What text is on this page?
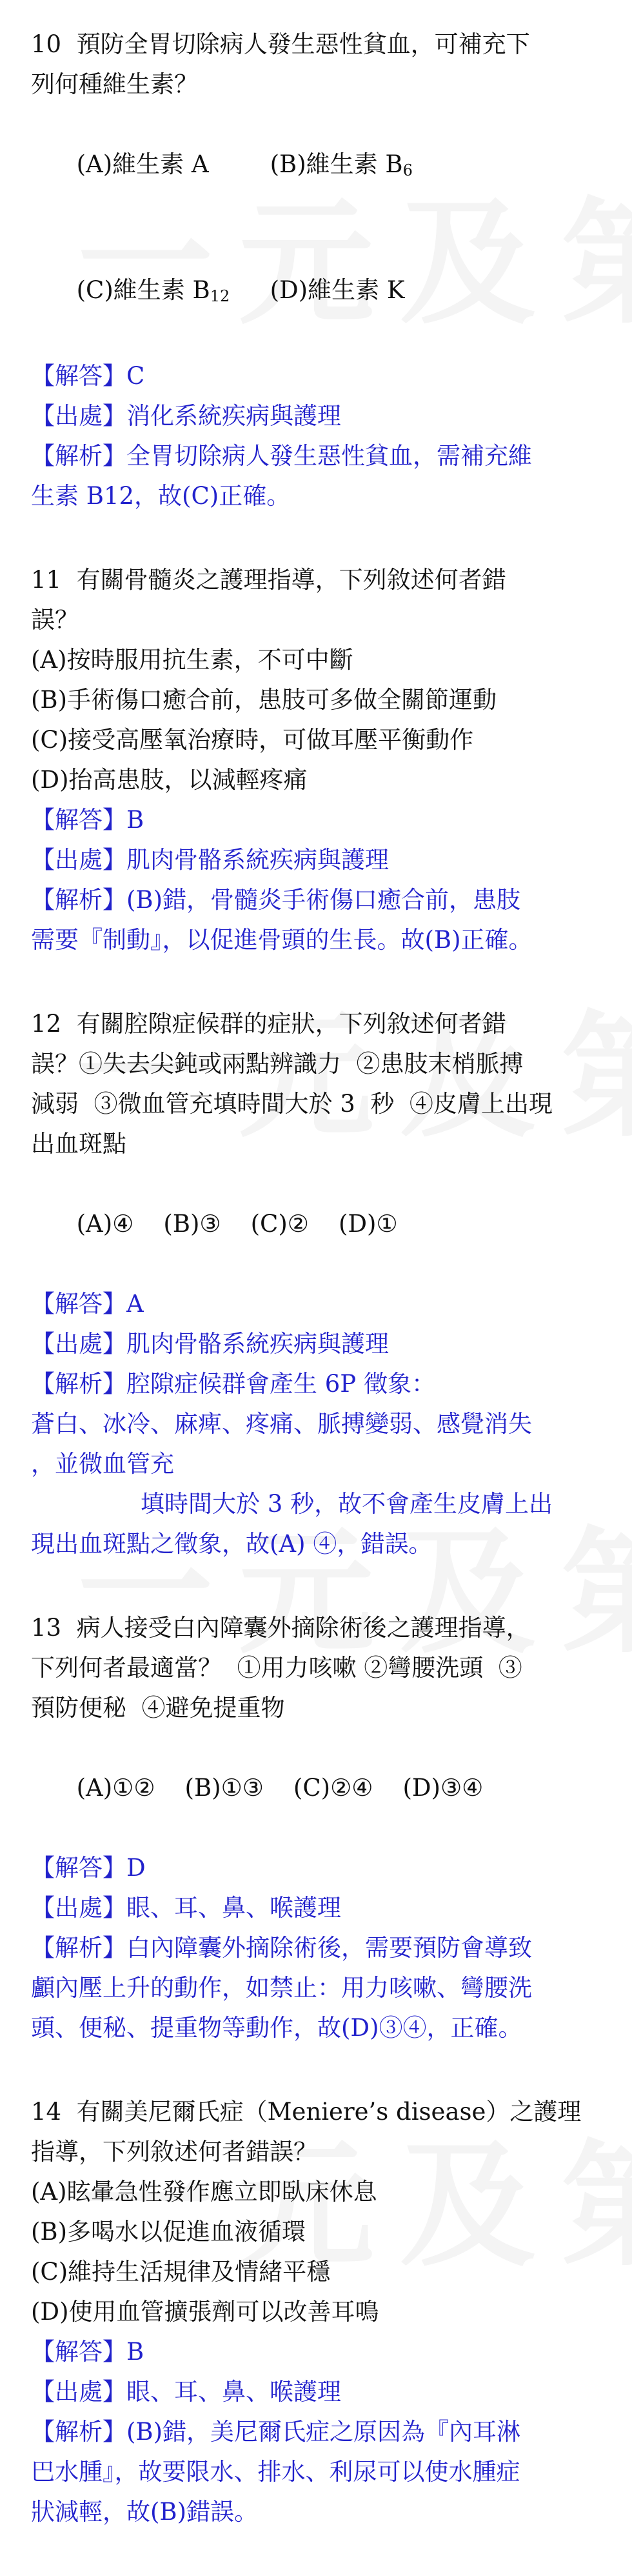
10  預防全胃切除病人發生惡性貧血，可補充下

列何種維生素？

(A)維生素 A	(B)維生素 $B_6$

(C)維生素 $B_{12}$ (D)維生素 K

【解答】C

【出處】消化系統疾病與護理

【解析】全胃切除病人發生惡性貧血，需補充維

生素 B12，故(C)正確。

11  有關骨髓炎之護理指導，下列敘述何者錯

誤？

(A)按時服用抗生素，不可中斷

(B)手術傷口癒合前，患肢可多做全關節運動

(C)接受高壓氧治療時，可做耳壓平衡動作

(D)抬高患肢，以減輕疼痛

【解答】B

【出處】肌肉骨骼系統疾病與護理

【解析】(B)錯，骨髓炎手術傷口癒合前，患肢

需要『制動』，以促進骨頭的生長。故(B)正確。

12  有關腔隙症候群的症狀，下列敘述何者錯

誤？①失去尖鈍或兩點辨識力  ②患肢末梢脈搏

減弱  ③微血管充填時間大於 3  秒  ④皮膚上出現

出血斑點

(A)④ (B)③ (C)② (D)①

【解答】A

【出處】肌肉骨骼系統疾病與護理

【解析】腔隙症候群會產生 6P 徵象：

蒼白、冰冷、麻痺、疼痛、脈搏變弱、感覺消失

，並微血管充

填時間大於 3 秒，故不會產生皮膚上出

現出血斑點之徵象，故(A) ④，錯誤。

13  病人接受白內障囊外摘除術後之護理指導，

下列何者最適當？  ①用力咳嗽 ②彎腰洗頭  ③

預防便秘  ④避免提重物

(A)①② (B)①③ (C)②④ (D)③④

【解答】D

【出處】眼、耳、鼻、喉護理

【解析】白內障囊外摘除術後，需要預防會導致

顱內壓上升的動作，如禁止：用力咳嗽、彎腰洗

頭、便秘、提重物等動作，故(D)③④，正確。

14  有關美尼爾氏症（Meniere’s disease）之護理

指導，下列敘述何者錯誤？

(A)眩暈急性發作應立即臥床休息

(B)多喝水以促進血液循環

(C)維持生活規律及情緒平穩

(D)使用血管擴張劑可以改善耳鳴

【解答】B

【出處】眼、耳、鼻、喉護理

【解析】(B)錯，美尼爾氏症之原因為『內耳淋

巴水腫』，故要限水、排水、利尿可以使水腫症

狀減輕，故(B)錯誤。
